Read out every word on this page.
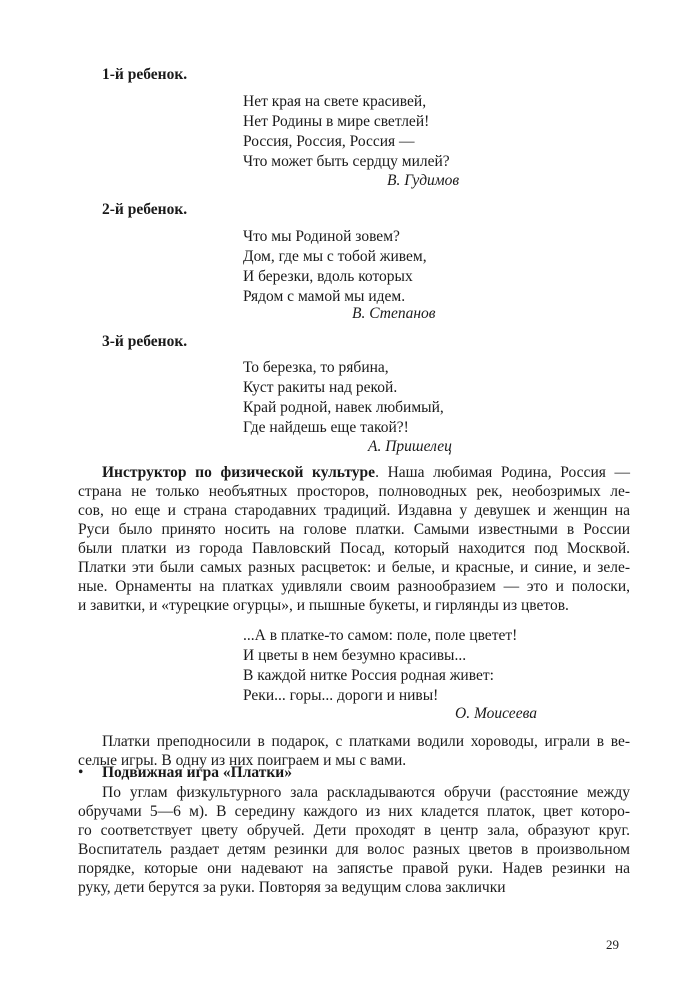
1-й ребенок.
Нет края на свете красивей,
Нет Родины в мире светлей!
Россия, Россия, Россия —
Что может быть сердцу милей?
В. Гудимов
2-й ребенок.
Что мы Родиной зовем?
Дом, где мы с тобой живем,
И березки, вдоль которых
Рядом с мамой мы идем.
В. Степанов
3-й ребенок.
То березка, то рябина,
Куст ракиты над рекой.
Край родной, навек любимый,
Где найдешь еще такой?!
А. Пришелец
Инструктор по физической культуре. Наша любимая Родина, Россия —
страна не только необъятных просторов, полноводных рек, необозримых ле-
сов, но еще и страна стародавних традиций. Издавна у девушек и женщин на
Руси было принято носить на голове платки. Самыми известными в России
были платки из города Павловский Посад, который находится под Москвой.
Платки эти были самых разных расцветок: и белые, и красные, и синие, и зеле-
ные. Орнаменты на платках удивляли своим разнообразием — это и полоски,
и завитки, и «турецкие огурцы», и пышные букеты, и гирлянды из цветов.
...А в платке-то самом: поле, поле цветет!
И цветы в нем безумно красивы...
В каждой нитке Россия родная живет:
Реки... горы... дороги и нивы!
О. Моисеева
Платки преподносили в подарок, с платками водили хороводы, играли в ве-
селые игры. В одну из них поиграем и мы с вами.
• Подвижная игра «Платки»
По углам физкультурного зала раскладываются обручи (расстояние между
обручами 5—6 м). В середину каждого из них кладется платок, цвет которо-
го соответствует цвету обручей. Дети проходят в центр зала, образуют круг.
Воспитатель раздает детям резинки для волос разных цветов в произвольном
порядке, которые они надевают на запястье правой руки. Надев резинки на
руку, дети берутся за руки. Повторяя за ведущим слова заклички
29
